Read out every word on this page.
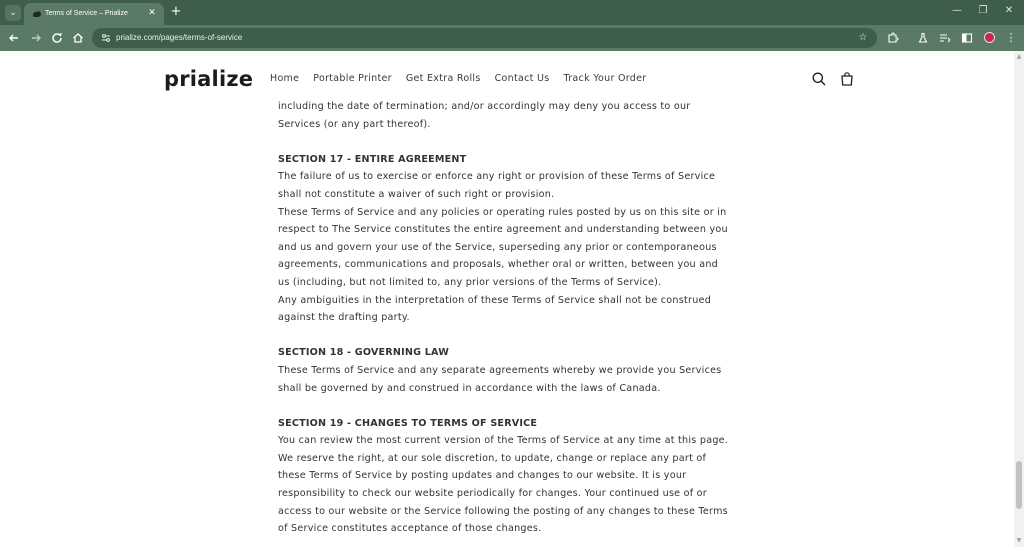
⌄	Terms of Service – Prialize ✕ +	— ❐ ✕
prialize.com/pages/terms-of-service	☆	⋮
prialize Home Portable Printer Get Extra Rolls Contact Us Track Your Order

including the date of termination; and/or accordingly may deny you access to our

Services (or any part thereof).

SECTION 17 - ENTIRE AGREEMENT

The failure of us to exercise or enforce any right or provision of these Terms of Service

shall not constitute a waiver of such right or provision.

These Terms of Service and any policies or operating rules posted by us on this site or in

respect to The Service constitutes the entire agreement and understanding between you

and us and govern your use of the Service, superseding any prior or contemporaneous

agreements, communications and proposals, whether oral or written, between you and

us (including, but not limited to, any prior versions of the Terms of Service).

Any ambiguities in the interpretation of these Terms of Service shall not be construed

against the drafting party.

SECTION 18 - GOVERNING LAW

These Terms of Service and any separate agreements whereby we provide you Services

shall be governed by and construed in accordance with the laws of Canada.

SECTION 19 - CHANGES TO TERMS OF SERVICE

You can review the most current version of the Terms of Service at any time at this page.

We reserve the right, at our sole discretion, to update, change or replace any part of

these Terms of Service by posting updates and changes to our website. It is your

responsibility to check our website periodically for changes. Your continued use of or

access to our website or the Service following the posting of any changes to these Terms

of Service constitutes acceptance of those changes.

▲
▼
